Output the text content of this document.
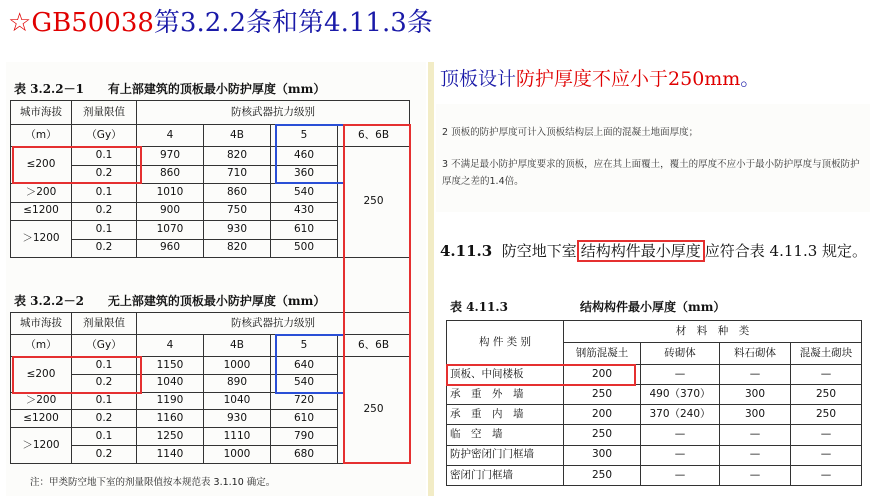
☆GB50038第3.2.2条和第4.11.3条
表 3.2.2－1　　有上部建筑的顶板最小防护厚度（mm）
城市海拔	剂量限值	防核武器抗力级别			
（m）	（Gy）	4	4B	5	6、6B
≤200	0.1	970	820	460	250
	0.2	860	710	360	
＞200	0.1	1010	860	540	
≤1200	0.2	900	750	430	
＞1200	0.1	1070	930	610	
	0.2	960	820	500	
表 3.2.2－2　　无上部建筑的顶板最小防护厚度（mm）
城市海拔	剂量限值	防核武器抗力级别			
（m）	（Gy）	4	4B	5	6、6B
≤200	0.1	1150	1000	640	250
	0.2	1040	890	540	
＞200	0.1	1190	1040	720	
≤1200	0.2	1160	930	610	
＞1200	0.1	1250	1110	790	
	0.2	1140	1000	680	
注：甲类防空地下室的剂量限值按本规范表 3.1.10 确定。
顶板设计防护厚度不应小于250mm。
2 顶板的防护厚度可计入顶板结构层上面的混凝土地面厚度；
3 不满足最小防护厚度要求的顶板，应在其上面覆土，覆土的厚度不应小于最小防护厚度与顶板防护厚度之差的1.4倍。
4.11.3 防空地下室 结构构件最小厚度 应符合表 4.11.3 规定。
表 4.11.3	结构构件最小厚度（mm）
构 件 类 别	材　料　种　类			
	钢筋混凝土	砖砌体	料石砌体	混凝土砌块
顶板、中间楼板	200	—	—	—
承　重　外　墙	250	490（370）	300	250
承　重　内　墙	200	370（240）	300	250
临　空　墙	250	—	—	—
防护密闭门门框墙	300	—	—	—
密闭门门框墙	250	—	—	—
